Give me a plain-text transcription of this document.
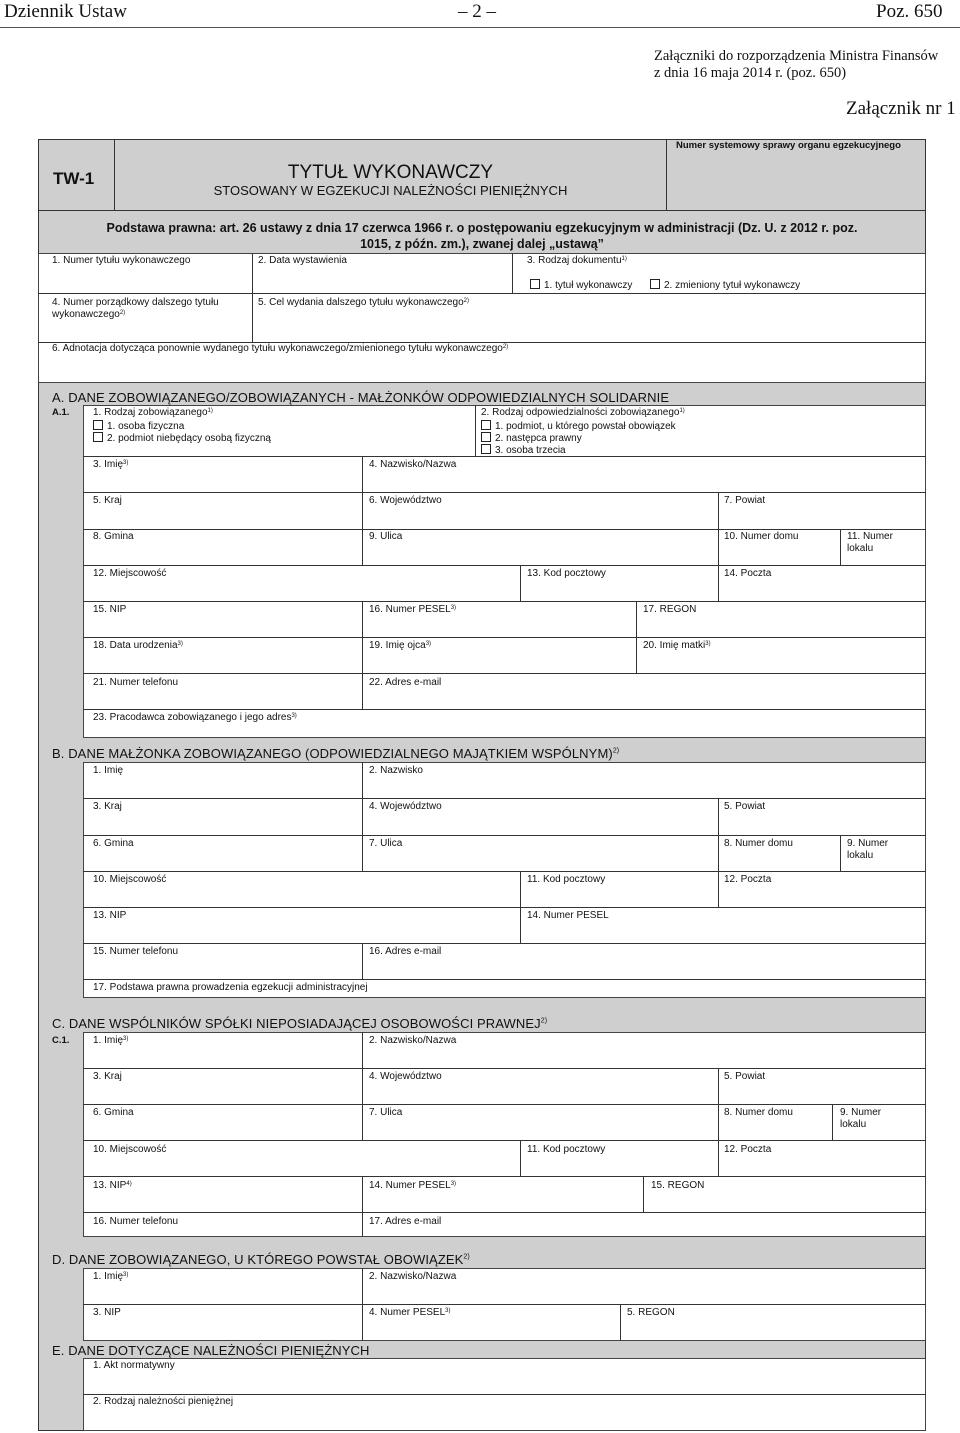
Dziennik Ustaw	– 2 –	Poz. 650
Załączniki do rozporządzenia Ministra Finansów
z dnia 16 maja 2014 r. (poz. 650)
Załącznik nr 1
TW-1	TYTUŁ WYKONAWCZY
STOSOWANY W EGZEKUCJI NALEŻNOŚCI PIENIĘŻNYCH
Numer systemowy sprawy organu egzekucyjnego
Podstawa prawna: art. 26 ustawy z dnia 17 czerwca 1966 r. o postępowaniu egzekucyjnym w administracji (Dz. U. z 2012 r. poz.
1015, z późn. zm.), zwanej dalej „ustawą”
1. Numer tytułu wykonawczego	2. Data wystawienia	3. Rodzaj dokumentu$^{1)}$
1. tytuł wykonawczy	2. zmieniony tytuł wykonawczy
4. Numer porządkowy dalszego tytułu
wykonawczego$^{2)}$
5. Cel wydania dalszego tytułu wykonawczego$^{2)}$
6. Adnotacja dotycząca ponownie wydanego tytułu wykonawczego/zmienionego tytułu wykonawczego$^{2)}$
A. DANE ZOBOWIĄZANEGO/ZOBOWIĄZANYCH - MAŁŻONKÓW ODPOWIEDZIALNYCH SOLIDARNIE
A.1. 1. Rodzaj zobowiązanego$^{1)}$
1. osoba fizyczna
2. podmiot niebędący osobą fizyczną
2. Rodzaj odpowiedzialności zobowiązanego$^{1)}$
1. podmiot, u którego powstał obowiązek
2. następca prawny
3. osoba trzecia
3. Imię$^{3)}$	4. Nazwisko/Nazwa
5. Kraj	6. Województwo	7. Powiat
8. Gmina	9. Ulica	10. Numer domu	11. Numer
lokalu
12. Miejscowość	13. Kod pocztowy	14. Poczta
15. NIP	16. Numer PESEL$^{3)}$	17. REGON
18. Data urodzenia$^{3)}$	19. Imię ojca$^{3)}$	20. Imię matki$^{3)}$
21. Numer telefonu	22. Adres e-mail
23. Pracodawca zobowiązanego i jego adres$^{3)}$
B. DANE MAŁŻONKA ZOBOWIĄZANEGO (ODPOWIEDZIALNEGO MAJĄTKIEM WSPÓLNYM)$^{2)}$
1. Imię	2. Nazwisko
3. Kraj	4. Województwo	5. Powiat
6. Gmina	7. Ulica	8. Numer domu	9. Numer
lokalu
10. Miejscowość	11. Kod pocztowy	12. Poczta
13. NIP	14. Numer PESEL
15. Numer telefonu	16. Adres e-mail
17. Podstawa prawna prowadzenia egzekucji administracyjnej
C. DANE WSPÓLNIKÓW SPÓŁKI NIEPOSIADAJĄCEJ OSOBOWOŚCI PRAWNEJ$^{2)}$
C.1. 1. Imię$^{3)}$	2. Nazwisko/Nazwa
3. Kraj	4. Województwo	5. Powiat
6. Gmina	7. Ulica	8. Numer domu	9. Numer
lokalu
10. Miejscowość	11. Kod pocztowy	12. Poczta
13. NIP$^{4)}$	14. Numer PESEL$^{3)}$	15. REGON
16. Numer telefonu	17. Adres e-mail
D. DANE ZOBOWIĄZANEGO, U KTÓREGO POWSTAŁ OBOWIĄZEK$^{2)}$
1. Imię$^{3)}$	2. Nazwisko/Nazwa
3. NIP	4. Numer PESEL$^{3)}$	5. REGON
E. DANE DOTYCZĄCE NALEŻNOŚCI PIENIĘŻNYCH
1. Akt normatywny
2. Rodzaj należności pieniężnej
